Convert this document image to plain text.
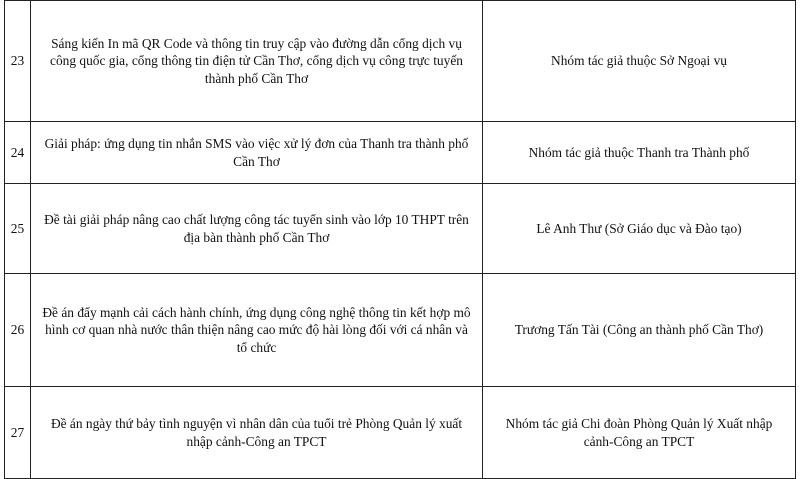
23	Sáng kiến In mã QR Code và thông tin truy cập vào đường dẫn cổng dịch vụ công quốc gia, cổng thông tin điện tử Cần Thơ, cổng dịch vụ công trực tuyến thành phố Cần Thơ	Nhóm tác giả thuộc Sở Ngoại vụ
24	Giải pháp: ứng dụng tin nhắn SMS vào việc xử lý đơn của Thanh tra thành phố Cần Thơ	Nhóm tác giả thuộc Thanh tra Thành phố
25	Đề tài giải pháp nâng cao chất lượng công tác tuyển sinh vào lớp 10 THPT trên địa bàn thành phố Cần Thơ	Lê Anh Thư (Sở Giáo dục và Đào tạo)
26	Đề án đẩy mạnh cải cách hành chính, ứng dụng công nghệ thông tin kết hợp mô hình cơ quan nhà nước thân thiện nâng cao mức độ hài lòng đối với cá nhân và tổ chức	Trương Tấn Tài (Công an thành phố Cần Thơ)
27	Đề án ngày thứ bảy tình nguyện vì nhân dân của tuổi trẻ Phòng Quản lý xuất nhập cảnh-Công an TPCT	Nhóm tác giả Chi đoàn Phòng Quản lý Xuất nhập cảnh-Công an TPCT
